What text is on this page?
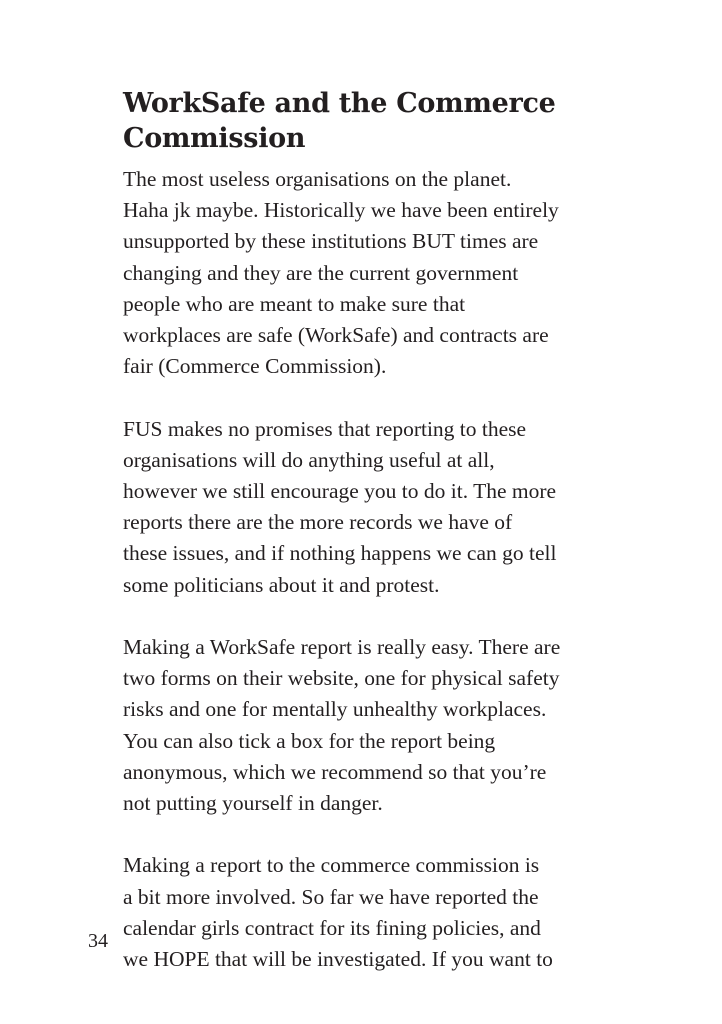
WorkSafe and the Commerce
Commission

The most useless organisations on the planet.
Haha jk maybe. Historically we have been entirely
unsupported by these institutions BUT times are
changing and they are the current government
people who are meant to make sure that
workplaces are safe (WorkSafe) and contracts are
fair (Commerce Commission).

FUS makes no promises that reporting to these
organisations will do anything useful at all,
however we still encourage you to do it. The more
reports there are the more records we have of
these issues, and if nothing happens we can go tell
some politicians about it and protest.

Making a WorkSafe report is really easy. There are
two forms on their website, one for physical safety
risks and one for mentally unhealthy workplaces.
You can also tick a box for the report being
anonymous, which we recommend so that you’re
not putting yourself in danger.

Making a report to the commerce commission is
a bit more involved. So far we have reported the
calendar girls contract for its fining policies, and
we HOPE that will be investigated. If you want to

34
